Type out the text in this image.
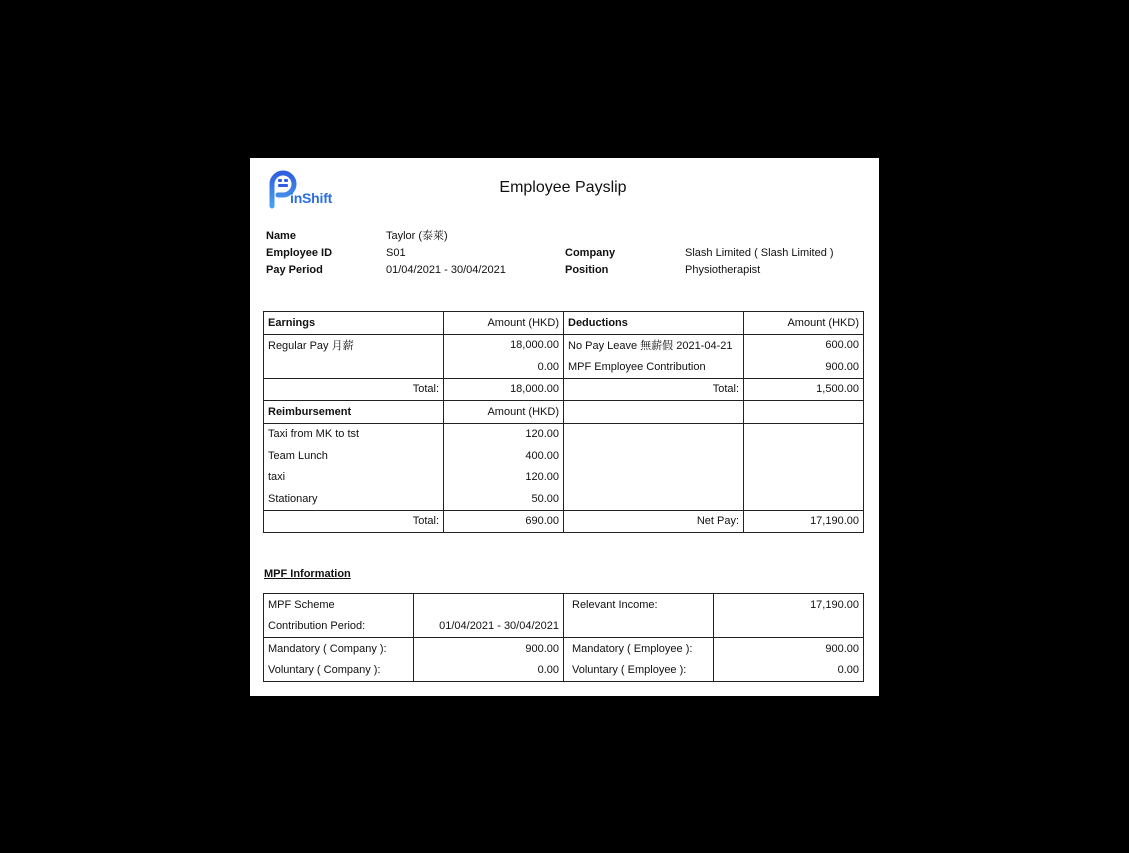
inShift
Employee Payslip
Name	Taylor (泰萊)
Employee ID	S01
Pay Period	01/04/2021 - 30/04/2021
Company	Slash Limited ( Slash Limited )
Position	Physiotherapist
Earnings	Amount (HKD)	Deductions	Amount (HKD)
Regular Pay 月薪	18,000.00	No Pay Leave 無薪假 2021-04-21	600.00
	0.00	MPF Employee Contribution	900.00
Total:	18,000.00	Total:	1,500.00
Reimbursement	Amount (HKD)		
Taxi from MK to tst	120.00		
Team Lunch	400.00		
taxi	120.00		
Stationary	50.00		
Total:	690.00	Net Pay:	17,190.00
MPF Information
MPF Scheme		Relevant Income:	17,190.00
Contribution Period:	01/04/2021 - 30/04/2021		
Mandatory ( Company ):	900.00	Mandatory ( Employee ):	900.00
Voluntary ( Company ):	0.00	Voluntary ( Employee ):	0.00
